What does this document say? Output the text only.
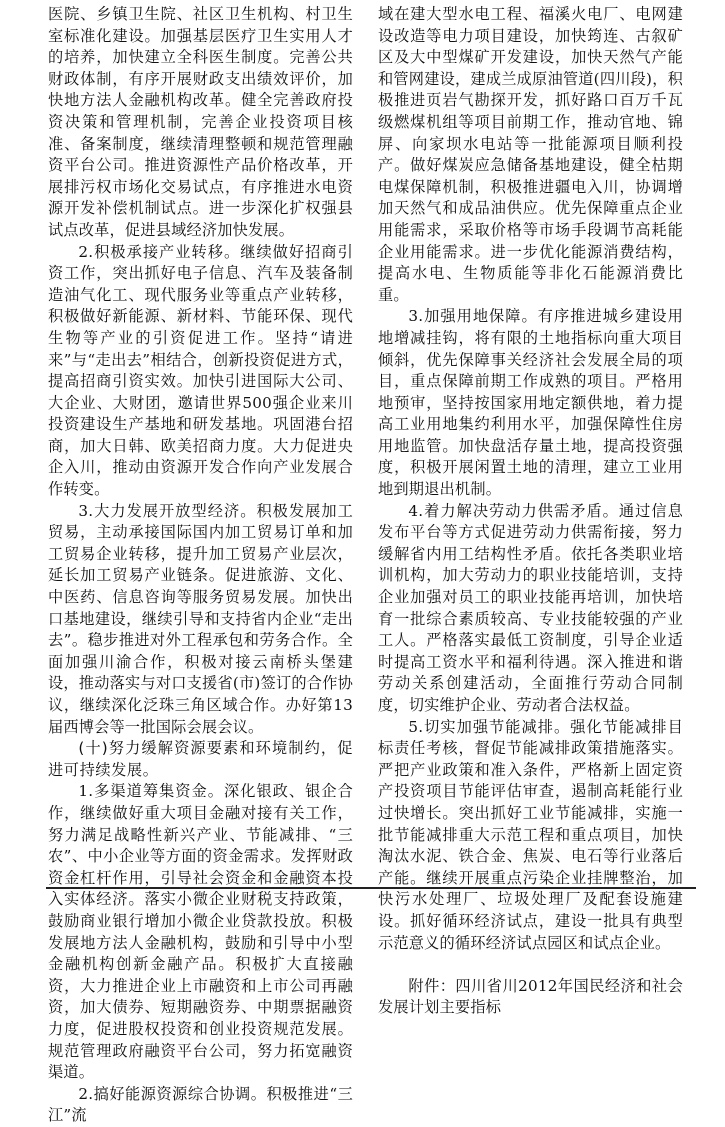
医院、乡镇卫生院、社区卫生机构、村卫生室标准化建设。加强基层医疗卫生实用人才的培养，加快建立全科医生制度。完善公共财政体制，有序开展财政支出绩效评价，加快地方法人金融机构改革。健全完善政府投资决策和管理机制，完善企业投资项目核准、备案制度，继续清理整顿和规范管理融资平台公司。推进资源性产品价格改革，开展排污权市场化交易试点，有序推进水电资源开发补偿机制试点。进一步深化扩权强县试点改革，促进县域经济加快发展。

2.积极承接产业转移。继续做好招商引资工作，突出抓好电子信息、汽车及装备制造油气化工、现代服务业等重点产业转移，积极做好新能源、新材料、节能环保、现代生物等产业的引资促进工作。坚持“请进来”与“走出去”相结合，创新投资促进方式，提高招商引资实效。加快引进国际大公司、大企业、大财团，邀请世界500强企业来川投资建设生产基地和研发基地。巩固港台招商，加大日韩、欧美招商力度。大力促进央企入川，推动由资源开发合作向产业发展合作转变。

3.大力发展开放型经济。积极发展加工贸易，主动承接国际国内加工贸易订单和加工贸易企业转移，提升加工贸易产业层次，延长加工贸易产业链条。促进旅游、文化、中医药、信息咨询等服务贸易发展。加快出口基地建设，继续引导和支持省内企业“走出去”。稳步推进对外工程承包和劳务合作。全面加强川渝合作，积极对接云南桥头堡建设，推动落实与对口支援省(市)签订的合作协议，继续深化泛珠三角区域合作。办好第13届西博会等一批国际会展会议。

(十)努力缓解资源要素和环境制约，促进可持续发展。

1.多渠道筹集资金。深化银政、银企合作，继续做好重大项目金融对接有关工作，努力满足战略性新兴产业、节能减排、“三农”、中小企业等方面的资金需求。发挥财政资金杠杆作用，引导社会资金和金融资本投入实体经济。落实小微企业财税支持政策，鼓励商业银行增加小微企业贷款投放。积极发展地方法人金融机构，鼓励和引导中小型金融机构创新金融产品。积极扩大直接融资，大力推进企业上市融资和上市公司再融资，加大债券、短期融资券、中期票据融资力度，促进股权投资和创业投资规范发展。规范管理政府融资平台公司，努力拓宽融资渠道。

2.搞好能源资源综合协调。积极推进“三江”流

域在建大型水电工程、福溪火电厂、电网建设改造等电力项目建设，加快筠连、古叙矿区及大中型煤矿开发建设，加快天然气产能和管网建设，建成兰成原油管道(四川段)，积极推进页岩气勘探开发，抓好路口百万千瓦级燃煤机组等项目前期工作，推动官地、锦屏、向家坝水电站等一批能源项目顺利投产。做好煤炭应急储备基地建设，健全枯期电煤保障机制，积极推进疆电入川，协调增加天然气和成品油供应。优先保障重点企业用能需求，采取价格等市场手段调节高耗能企业用能需求。进一步优化能源消费结构，提高水电、生物质能等非化石能源消费比重。

3.加强用地保障。有序推进城乡建设用地增减挂钩，将有限的土地指标向重大项目倾斜，优先保障事关经济社会发展全局的项目，重点保障前期工作成熟的项目。严格用地预审，坚持按国家用地定额供地，着力提高工业用地集约利用水平，加强保障性住房用地监管。加快盘活存量土地，提高投资强度，积极开展闲置土地的清理，建立工业用地到期退出机制。

4.着力解决劳动力供需矛盾。通过信息发布平台等方式促进劳动力供需衔接，努力缓解省内用工结构性矛盾。依托各类职业培训机构，加大劳动力的职业技能培训，支持企业加强对员工的职业技能再培训，加快培育一批综合素质较高、专业技能较强的产业工人。严格落实最低工资制度，引导企业适时提高工资水平和福利待遇。深入推进和谐劳动关系创建活动，全面推行劳动合同制度，切实维护企业、劳动者合法权益。

5.切实加强节能减排。强化节能减排目标责任考核，督促节能减排政策措施落实。严把产业政策和准入条件，严格新上固定资产投资项目节能评估审查，遏制高耗能行业过快增长。突出抓好工业节能减排，实施一批节能减排重大示范工程和重点项目，加快淘汰水泥、铁合金、焦炭、电石等行业落后产能。继续开展重点污染企业挂牌整治，加快污水处理厂、垃圾处理厂及配套设施建设。抓好循环经济试点，建设一批具有典型示范意义的循环经济试点园区和试点企业。

附件：四川省川2012年国民经济和社会发展计划主要指标
